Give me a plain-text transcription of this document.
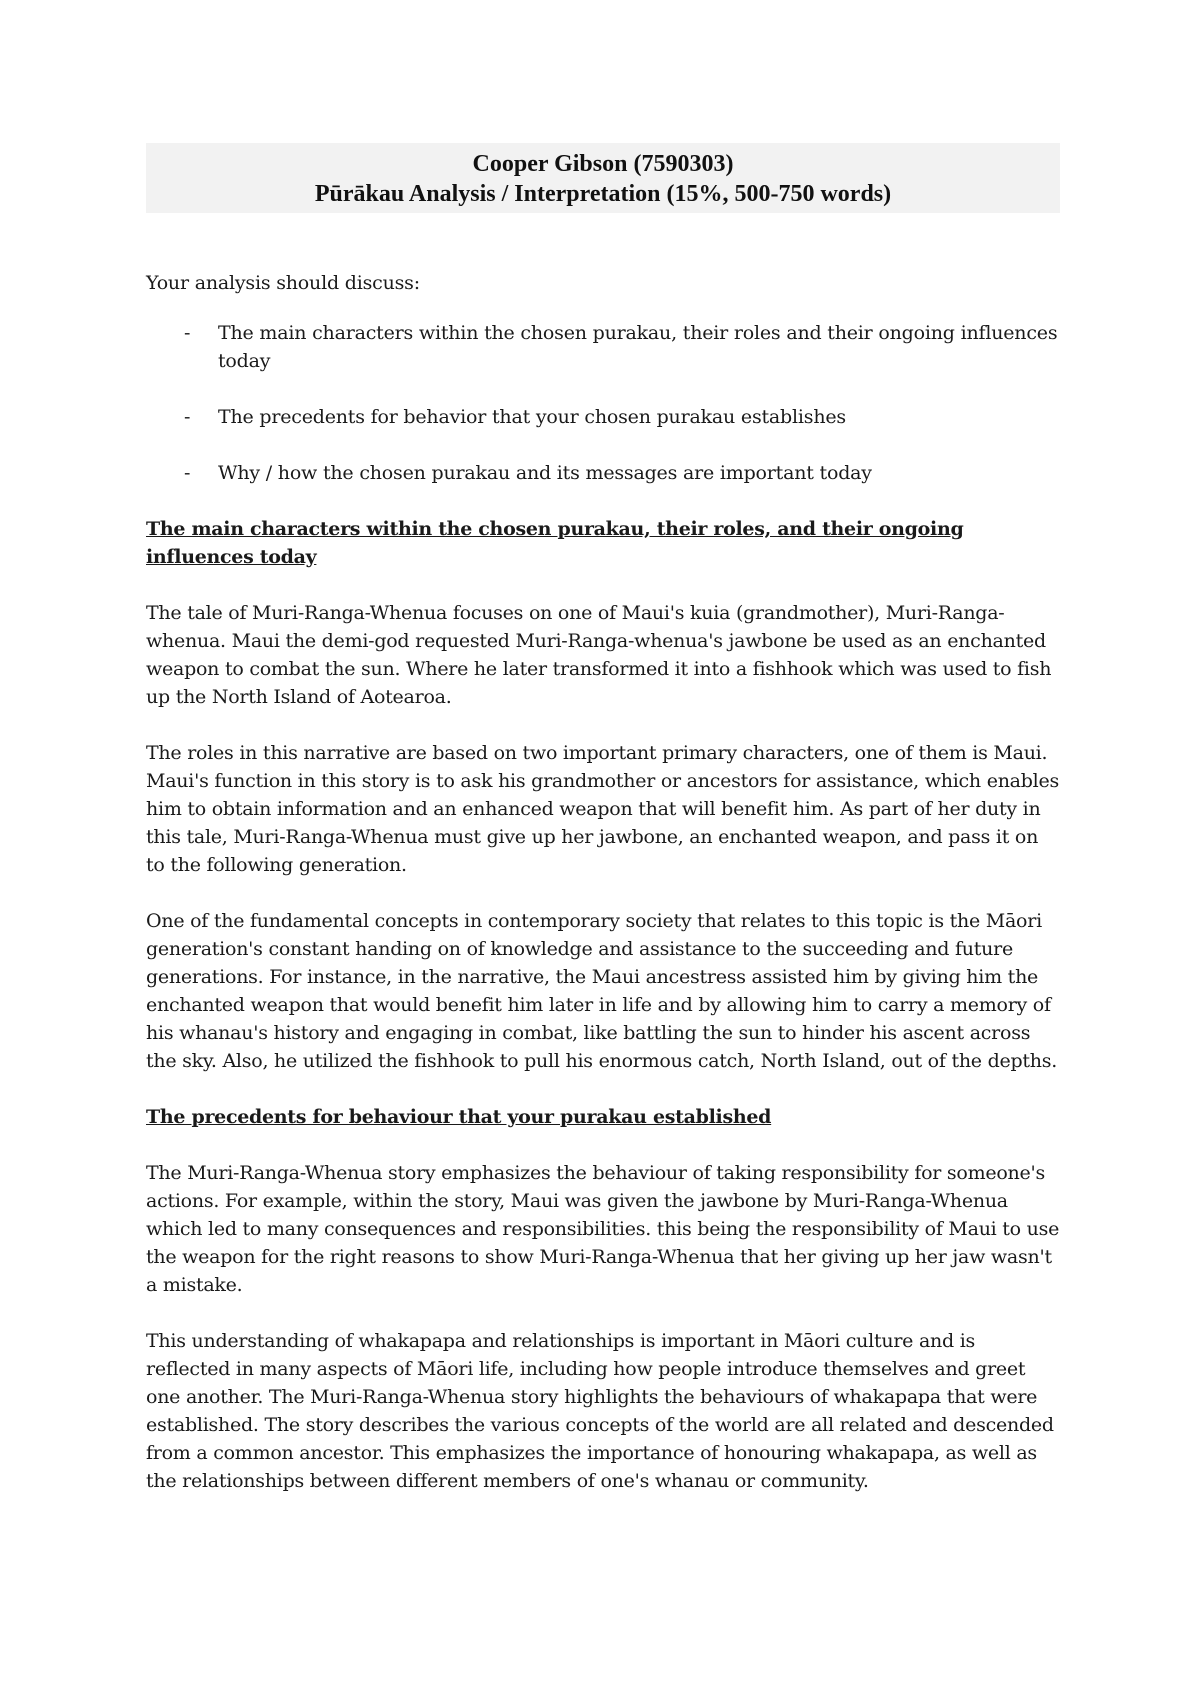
Cooper Gibson (7590303)
Pūrākau Analysis / Interpretation (15%, 500-750 words)
Your analysis should discuss:
- The main characters within the chosen purakau, their roles and their ongoing influences today
- The precedents for behavior that your chosen purakau establishes
- Why / how the chosen purakau and its messages are important today
The main characters within the chosen purakau, their roles, and their ongoing influences today

The tale of Muri-Ranga-Whenua focuses on one of Maui's kuia (grandmother), Muri-Ranga-whenua. Maui the demi-god requested Muri-Ranga-whenua's jawbone be used as an enchanted weapon to combat the sun. Where he later transformed it into a fishhook which was used to fish up the North Island of Aotearoa.

The roles in this narrative are based on two important primary characters, one of them is Maui. Maui's function in this story is to ask his grandmother or ancestors for assistance, which enables him to obtain information and an enhanced weapon that will benefit him. As part of her duty in this tale, Muri-Ranga-Whenua must give up her jawbone, an enchanted weapon, and pass it on to the following generation.

One of the fundamental concepts in contemporary society that relates to this topic is the Māori generation's constant handing on of knowledge and assistance to the succeeding and future generations. For instance, in the narrative, the Maui ancestress assisted him by giving him the enchanted weapon that would benefit him later in life and by allowing him to carry a memory of his whanau's history and engaging in combat, like battling the sun to hinder his ascent across the sky. Also, he utilized the fishhook to pull his enormous catch, North Island, out of the depths.

The precedents for behaviour that your purakau established

The Muri-Ranga-Whenua story emphasizes the behaviour of taking responsibility for someone's actions. For example, within the story, Maui was given the jawbone by Muri-Ranga-Whenua which led to many consequences and responsibilities. this being the responsibility of Maui to use the weapon for the right reasons to show Muri-Ranga-Whenua that her giving up her jaw wasn't a mistake.

This understanding of whakapapa and relationships is important in Māori culture and is reflected in many aspects of Māori life, including how people introduce themselves and greet one another. The Muri-Ranga-Whenua story highlights the behaviours of whakapapa that were established. The story describes the various concepts of the world are all related and descended from a common ancestor. This emphasizes the importance of honouring whakapapa, as well as the relationships between different members of one's whanau or community.
